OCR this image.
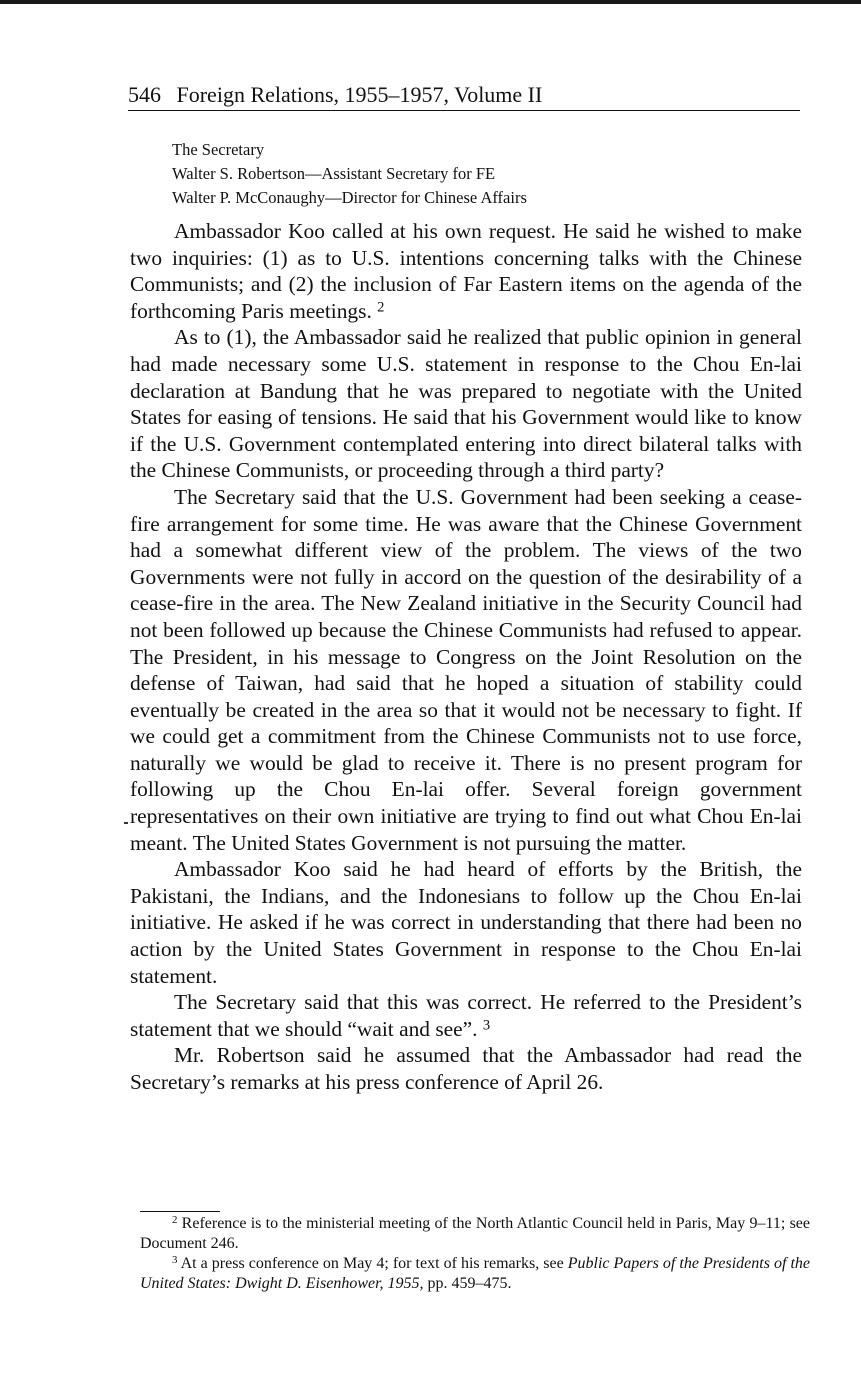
546 Foreign Relations, 1955–1957, Volume II
The Secretary
Walter S. Robertson—Assistant Secretary for FE
Walter P. McConaughy—Director for Chinese Affairs

Ambassador Koo called at his own request. He said he wished to make two inquiries: (1) as to U.S. intentions concerning talks with the Chinese Communists; and (2) the inclusion of Far Eastern items on the agenda of the forthcoming Paris meetings. $^2$

As to (1), the Ambassador said he realized that public opinion in general had made necessary some U.S. statement in response to the Chou En-lai declaration at Bandung that he was prepared to negotiate with the United States for easing of tensions. He said that his Government would like to know if the U.S. Government contemplated entering into direct bilateral talks with the Chinese Communists, or proceeding through a third party?

The Secretary said that the U.S. Government had been seeking a cease-fire arrangement for some time. He was aware that the Chinese Government had a somewhat different view of the problem. The views of the two Governments were not fully in accord on the question of the desirability of a cease-fire in the area. The New Zealand initiative in the Security Council had not been followed up because the Chinese Communists had refused to appear. The President, in his message to Congress on the Joint Resolution on the defense of Taiwan, had said that he hoped a situation of stability could eventually be created in the area so that it would not be necessary to fight. If we could get a commitment from the Chinese Communists not to use force, naturally we would be glad to receive it. There is no present program for following up the Chou En-lai offer. Several foreign government representatives on their own initiative are trying to find out what Chou En-lai meant. The United States Government is not pursuing the matter.

Ambassador Koo said he had heard of efforts by the British, the Pakistani, the Indians, and the Indonesians to follow up the Chou En-lai initiative. He asked if he was correct in understanding that there had been no action by the United States Government in response to the Chou En-lai statement.

The Secretary said that this was correct. He referred to the President’s statement that we should “wait and see”. $^3$

Mr. Robertson said he assumed that the Ambassador had read the Secretary’s remarks at his press conference of April 26.

$^2$ Reference is to the ministerial meeting of the North Atlantic Council held in Paris, May 9–11; see Document 246.

$^3$ At a press conference on May 4; for text of his remarks, see Public Papers of the Presidents of the United States: Dwight D. Eisenhower, 1955, pp. 459–475.
